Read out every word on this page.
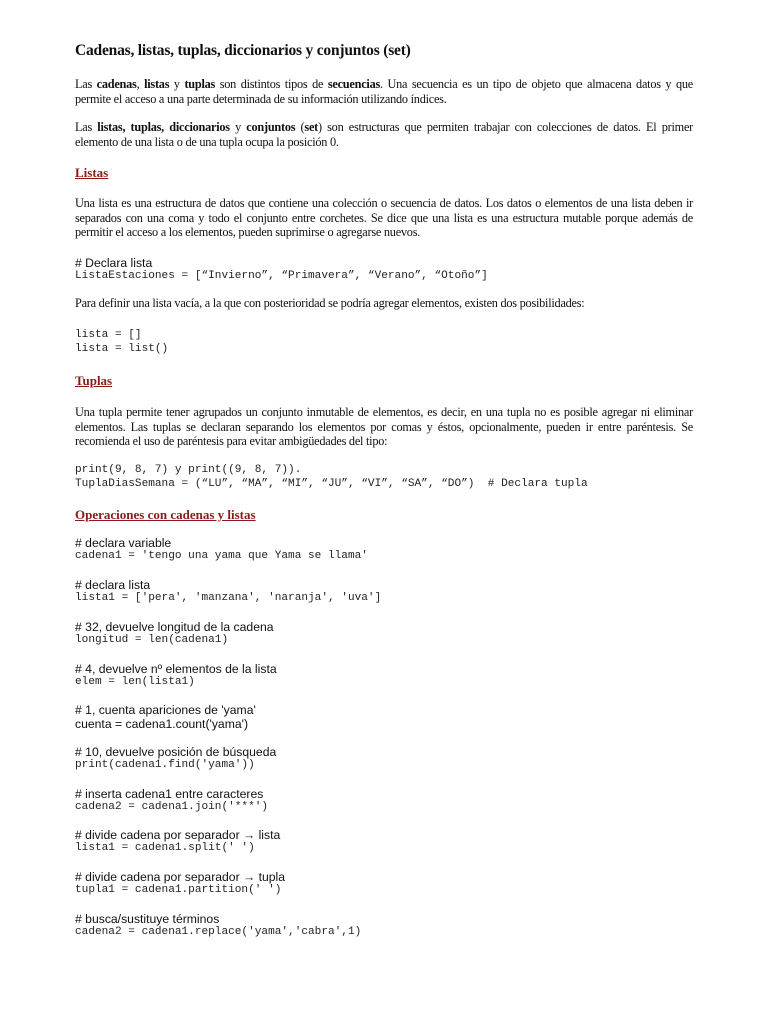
Cadenas, listas, tuplas, diccionarios y conjuntos (set)
Las cadenas, listas y tuplas son distintos tipos de secuencias. Una secuencia es un tipo de objeto que almacena datos y que permite el acceso a una parte determinada de su información utilizando índices.
Las listas, tuplas, diccionarios y conjuntos (set) son estructuras que permiten trabajar con colecciones de datos. El primer elemento de una lista o de una tupla ocupa la posición 0.
Listas
Una lista es una estructura de datos que contiene una colección o secuencia de datos. Los datos o elementos de una lista deben ir separados con una coma y todo el conjunto entre corchetes. Se dice que una lista es una estructura mutable porque además de permitir el acceso a los elementos, pueden suprimirse o agregarse nuevos.
# Declara lista
ListaEstaciones = [“Invierno”, “Primavera”, “Verano”, “Otoño”]
Para definir una lista vacía, a la que con posterioridad se podría agregar elementos, existen dos posibilidades:
lista = []
lista = list()
Tuplas
Una tupla permite tener agrupados un conjunto inmutable de elementos, es decir, en una tupla no es posible agregar ni eliminar elementos. Las tuplas se declaran separando los elementos por comas y éstos, opcionalmente, pueden ir entre paréntesis. Se recomienda el uso de paréntesis para evitar ambigüedades del tipo:
print(9, 8, 7) y print((9, 8, 7)).
TuplaDiasSemana = (“LU”, “MA”, “MI”, “JU”, “VI”, “SA”, “DO”)  # Declara tupla
Operaciones con cadenas y listas
# declara variable
cadena1 = 'tengo una yama que Yama se llama'
# declara lista
lista1 = ['pera', 'manzana', 'naranja', 'uva']
# 32, devuelve longitud de la cadena
longitud = len(cadena1)
# 4, devuelve nº elementos de la lista
elem = len(lista1)
# 1, cuenta apariciones de 'yama'
cuenta = cadena1.count('yama')
# 10, devuelve posición de búsqueda
print(cadena1.find('yama'))
# inserta cadena1 entre caracteres
cadena2 = cadena1.join('***')
# divide cadena por separador → lista
lista1 = cadena1.split(' ')
# divide cadena por separador → tupla
tupla1 = cadena1.partition(' ')
# busca/sustituye términos
cadena2 = cadena1.replace('yama','cabra',1)
